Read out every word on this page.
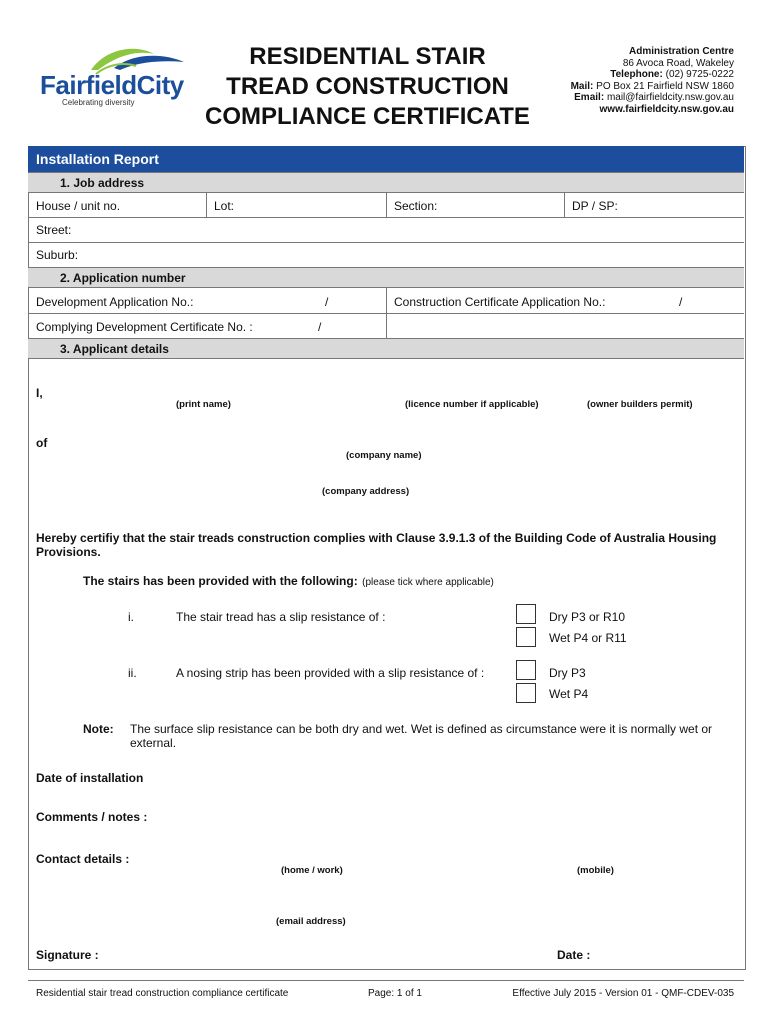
FairfieldCity
Celebrating diversity
RESIDENTIAL STAIR
TREAD CONSTRUCTION
COMPLIANCE CERTIFICATE
Administration Centre
86 Avoca Road, Wakeley
Telephone: (02) 9725-0222
Mail: PO Box 21 Fairfield NSW 1860
Email: mail@fairfieldcity.nsw.gov.au
www.fairfieldcity.nsw.gov.au
Installation Report
1. Job address
House / unit no.	Lot:	Section:	DP / SP:
Street:
Suburb:
2. Application number
Development Application No.:	/	Construction Certificate Application No.:	/
Complying Development Certificate No. :	/
3. Applicant details
I,
(print name)	(licence number if applicable)	(owner builders permit)
of
(company name)
(company address)
Hereby certifiy that the stair treads construction complies with Clause 3.9.1.3 of the Building Code of Australia Housing Provisions.
The stairs has been provided with the following: (please tick where applicable)
i.	The stair tread has a slip resistance of :	Dry P3 or R10
Wet P4 or R11
ii.	A nosing strip has been provided with a slip resistance of :	Dry P3
Wet P4
Note: The surface slip resistance can be both dry and wet. Wet is defined as circumstance were it is normally wet or external.
Date of installation
Comments / notes :
Contact details :
(home / work)	(mobile)
(email address)
Signature :	Date :
Residential stair tread construction compliance certificate	Page: 1 of 1	Effective July 2015 - Version 01 - QMF-CDEV-035
